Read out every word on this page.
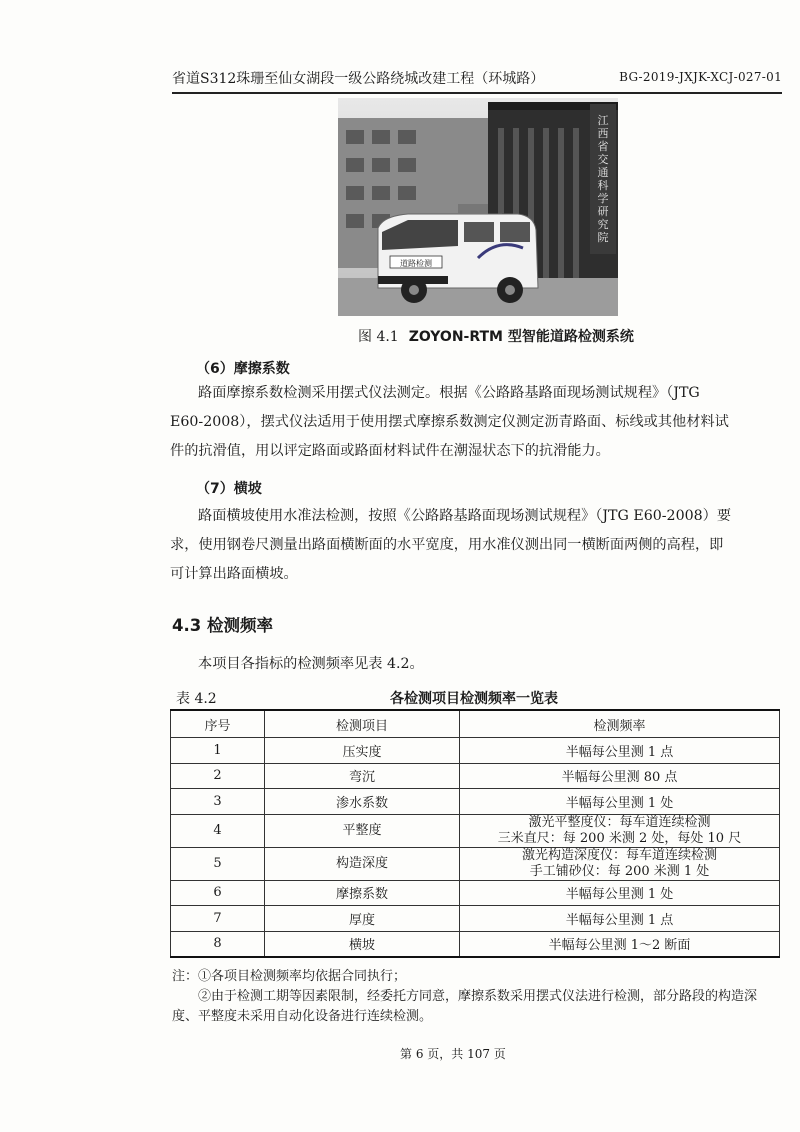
省道S312珠珊至仙女湖段一级公路绕城改建工程（环城路）	BG-2019-JXJK-XCJ-027-01
江西省交通科学研究院
道路检测
图 4.1 ZOYON-RTM 型智能道路检测系统
（6）摩擦系数
路面摩擦系数检测采用摆式仪法测定。根据《公路路基路面现场测试规程》（JTG
E60-2008），摆式仪法适用于使用摆式摩擦系数测定仪测定沥青路面、标线或其他材料试
件的抗滑值，用以评定路面或路面材料试件在潮湿状态下的抗滑能力。
（7）横坡
路面横坡使用水准法检测，按照《公路路基路面现场测试规程》（JTG E60-2008）要
求，使用钢卷尺测量出路面横断面的水平宽度，用水准仪测出同一横断面两侧的高程，即
可计算出路面横坡。
4.3 检测频率
本项目各指标的检测频率见表 4.2。
表 4.2	各检测项目检测频率一览表
序号	检测项目	检测频率
1	压实度	半幅每公里测 1 点
2	弯沉	半幅每公里测 80 点
3	渗水系数	半幅每公里测 1 处
4	平整度	激光平整度仪：每车道连续检测
三米直尺：每 200 米测 2 处，每处 10 尺

5	构造深度	激光构造深度仪：每车道连续检测
手工铺砂仪：每 200 米测 1 处

6	摩擦系数	半幅每公里测 1 处
7	厚度	半幅每公里测 1 点
8	横坡	半幅每公里测 1～2 断面
注：①各项目检测频率均依据合同执行；
②由于检测工期等因素限制，经委托方同意，摩擦系数采用摆式仪法进行检测，部分路段的构造深
度、平整度未采用自动化设备进行连续检测。
第 6 页，共 107 页
